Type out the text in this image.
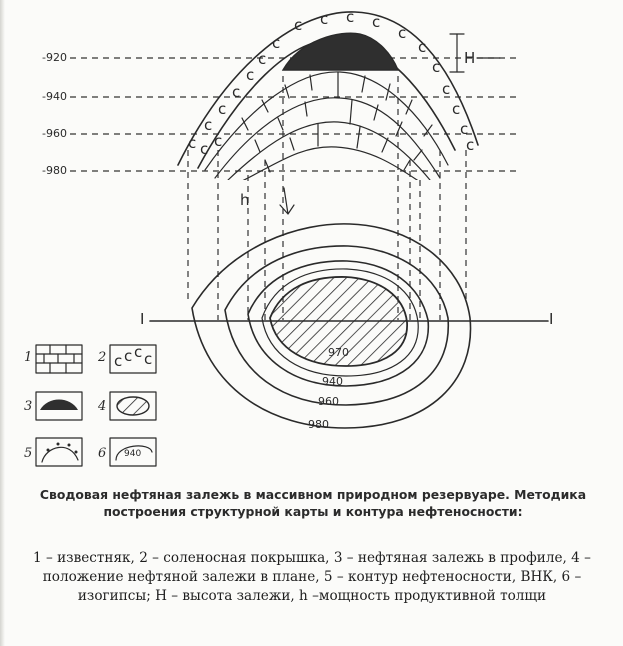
-920
-940
-960
-980
c c c c
c
c
c
c
c
c
c
c
c c c
c
c
c
c
c
H
h
I	I
970
940
960
980
1	2 c c c c
3	4
5	6 940

Сводовая нефтяная залежь в массивном природном резервуаре. Методика построения структурной карты и контура нефтеносности:

1 – известняк, 2 – соленосная покрышка, 3 – нефтяная залежь в профиле, 4 – положение нефтяной залежи в плане, 5 – контур нефтеносности, ВНК, 6 – изогипсы; Н – высота залежи, h –мощность продуктивной толщи
